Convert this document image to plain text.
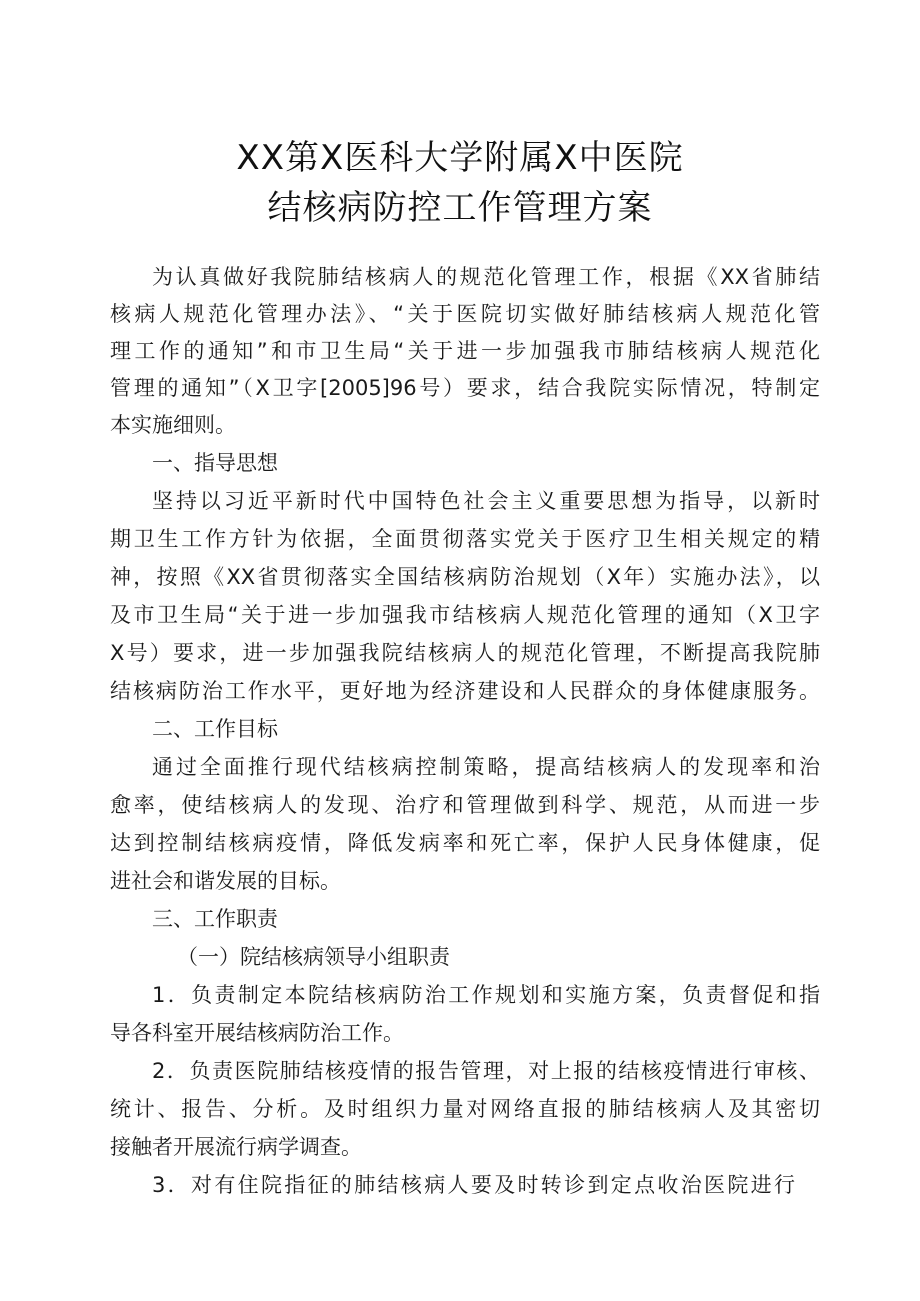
XX第X医科大学附属X中医院
结核病防控工作管理方案
为认真做好我院肺结核病人的规范化管理工作，根据《XX省肺结
核病人规范化管理办法》、“关于医院切实做好肺结核病人规范化管
理工作的通知”和市卫生局“关于进一步加强我市肺结核病人规范化
管理的通知”（X卫字[2005]96号）要求，结合我院实际情况，特制定
本实施细则。
一、指导思想
坚持以习近平新时代中国特色社会主义重要思想为指导，以新时
期卫生工作方针为依据，全面贯彻落实党关于医疗卫生相关规定的精
神，按照《XX省贯彻落实全国结核病防治规划（X年）实施办法》，以
及市卫生局“关于进一步加强我市结核病人规范化管理的通知（X卫字
X号）要求，进一步加强我院结核病人的规范化管理，不断提高我院肺
结核病防治工作水平，更好地为经济建设和人民群众的身体健康服务。
二、工作目标
通过全面推行现代结核病控制策略，提高结核病人的发现率和治
愈率，使结核病人的发现、治疗和管理做到科学、规范，从而进一步
达到控制结核病疫情，降低发病率和死亡率，保护人民身体健康，促
进社会和谐发展的目标。
三、工作职责
（一）院结核病领导小组职责
1．负责制定本院结核病防治工作规划和实施方案，负责督促和指
导各科室开展结核病防治工作。
2．负责医院肺结核疫情的报告管理，对上报的结核疫情进行审核、
统计、报告、分析。及时组织力量对网络直报的肺结核病人及其密切
接触者开展流行病学调查。
3．对有住院指征的肺结核病人要及时转诊到定点收治医院进行
